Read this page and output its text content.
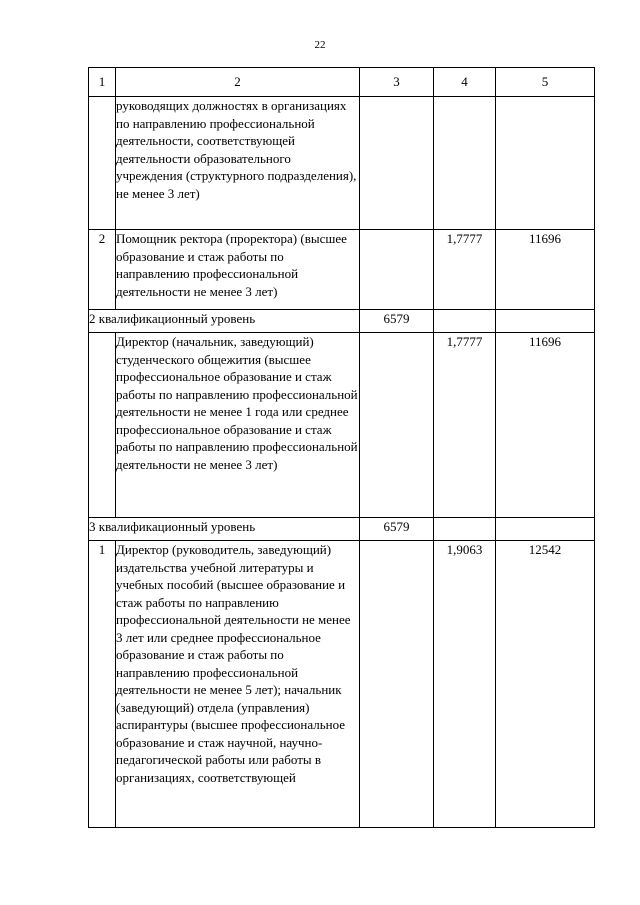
22
1	2	3	4	5
	руководящих должностях в организациях по направлению профессиональной деятельности, соответствующей деятельности образовательного учреждения (структурного подразделения), не менее 3 лет)			
2	Помощник ректора (проректора) (высшее образование и стаж работы по направлению профессиональной деятельности не менее 3 лет)		1,7777	11696
2 квалификационный уровень		6579		
	Директор (начальник, заведующий) студенческого общежития (высшее профессиональное образование и стаж работы по направлению профессиональной деятельности не менее 1 года или среднее профессиональное образование и стаж работы по направлению профессиональной деятельности не менее 3 лет)		1,7777	11696
3 квалификационный уровень		6579		
1	Директор (руководитель, заведующий) издательства учебной литературы и учебных пособий (высшее образование и стаж работы по направлению профессиональной деятельности не менее 3 лет или среднее профессиональное образование и стаж работы по направлению профессиональной деятельности не менее 5 лет); начальник (заведующий) отдела (управления) аспирантуры (высшее профессиональное образование и стаж научной, научно-педагогической работы или работы в организациях, соответствующей		1,9063	12542
